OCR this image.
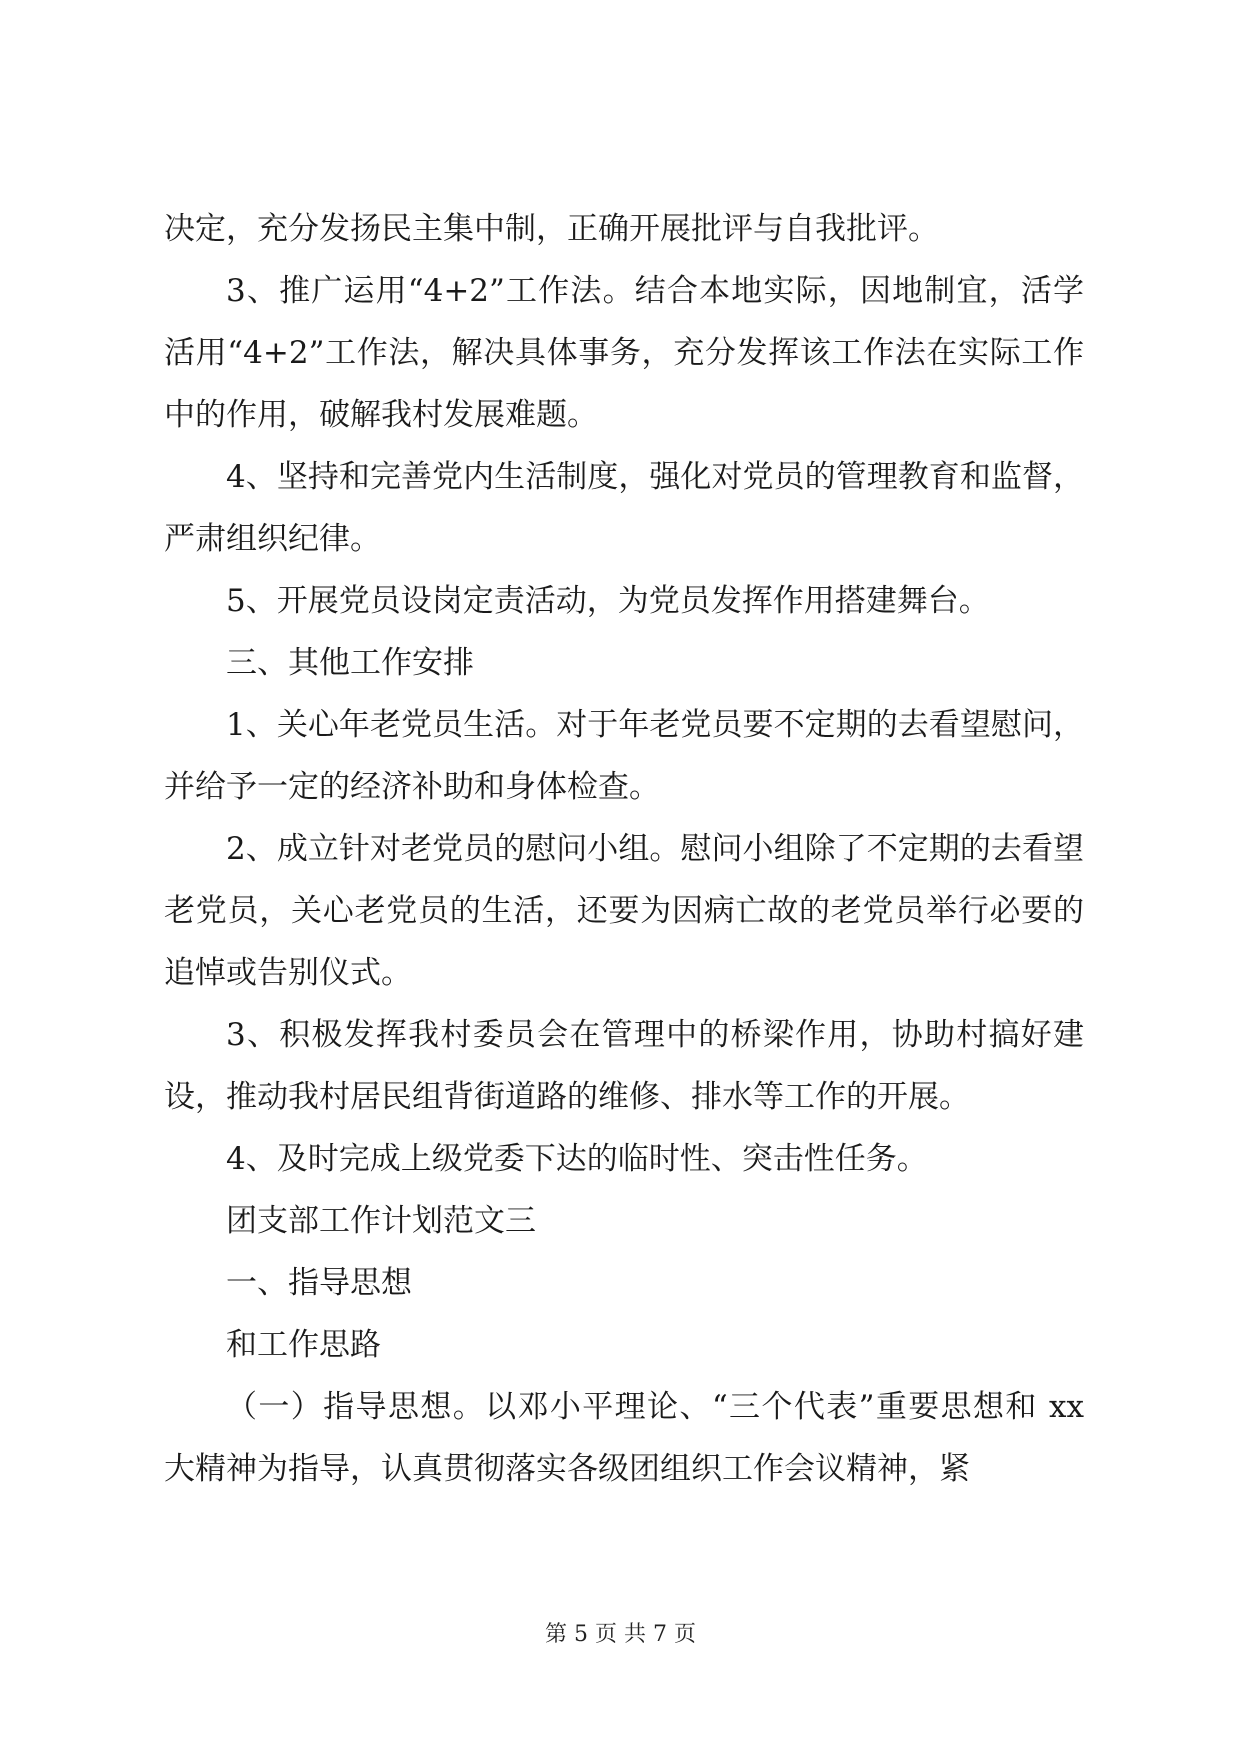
决定，充分发扬民主集中制，正确开展批评与自我批评。

3、推广运用“4+2”工作法。结合本地实际，因地制宜，活学活用“4+2”工作法，解决具体事务，充分发挥该工作法在实际工作中的作用，破解我村发展难题。

4、坚持和完善党内生活制度，强化对党员的管理教育和监督，严肃组织纪律。

5、开展党员设岗定责活动，为党员发挥作用搭建舞台。

三、其他工作安排

1、关心年老党员生活。对于年老党员要不定期的去看望慰问，并给予一定的经济补助和身体检查。

2、成立针对老党员的慰问小组。慰问小组除了不定期的去看望老党员，关心老党员的生活，还要为因病亡故的老党员举行必要的追悼或告别仪式。

3、积极发挥我村委员会在管理中的桥梁作用，协助村搞好建设，推动我村居民组背街道路的维修、排水等工作的开展。

4、及时完成上级党委下达的临时性、突击性任务。

团支部工作计划范文三

一、指导思想

和工作思路

（一）指导思想。以邓小平理论、“三个代表”重要思想和 xx 大精神为指导，认真贯彻落实各级团组织工作会议精神，紧

第 5 页 共 7 页
